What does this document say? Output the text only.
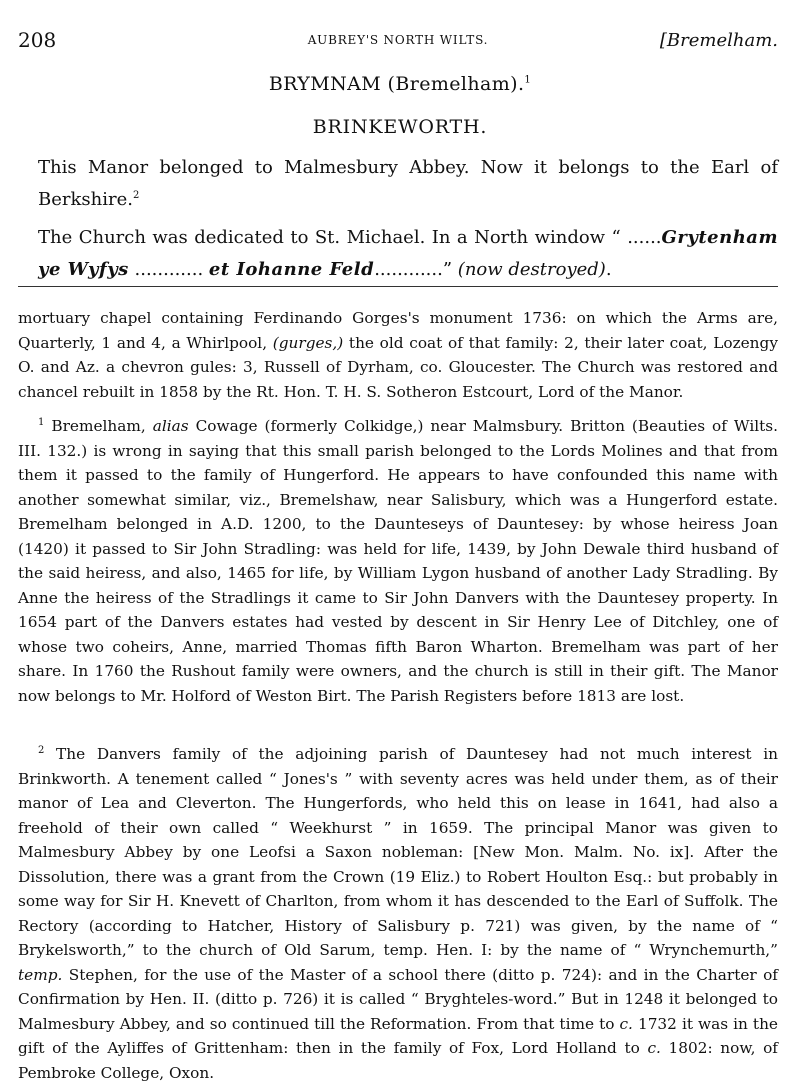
208	AUBREY'S NORTH WILTS.	[Bremelham.
BRYMNAM (Bremelham).$^1$
BRINKEWORTH.

This Manor belonged to Malmesbury Abbey. Now it belongs to the Earl of Berkshire.$^2$

The Church was dedicated to St. Michael. In a North window “ ......Grytenham ye Wyfys ............ et Iohanne Feld............” (now destroyed).

mortuary chapel containing Ferdinando Gorges's monument 1736: on which the Arms are, Quarterly, 1 and 4, a Whirlpool, (gurges,) the old coat of that family: 2, their later coat, Lozengy O. and Az. a chevron gules: 3, Russell of Dyrham, co. Gloucester. The Church was restored and chancel rebuilt in 1858 by the Rt. Hon. T. H. S. Sotheron Estcourt, Lord of the Manor.

$^1$ Bremelham, alias Cowage (formerly Colkidge,) near Malmsbury. Britton (Beauties of Wilts. III. 132.) is wrong in saying that this small parish belonged to the Lords Molines and that from them it passed to the family of Hungerford. He appears to have confounded this name with another somewhat similar, viz., Bremelshaw, near Salisbury, which was a Hungerford estate. Bremelham belonged in A.D. 1200, to the Daunteseys of Dauntesey: by whose heiress Joan (1420) it passed to Sir John Stradling: was held for life, 1439, by John Dewale third husband of the said heiress, and also, 1465 for life, by William Lygon husband of another Lady Stradling. By Anne the heiress of the Stradlings it came to Sir John Danvers with the Dauntesey property. In 1654 part of the Danvers estates had vested by descent in Sir Henry Lee of Ditchley, one of whose two coheirs, Anne, married Thomas fifth Baron Wharton. Bremelham was part of her share. In 1760 the Rushout family were owners, and the church is still in their gift. The Manor now belongs to Mr. Holford of Weston Birt. The Parish Registers before 1813 are lost.

$^2$ The Danvers family of the adjoining parish of Dauntesey had not much interest in Brinkworth. A tenement called “ Jones's ” with seventy acres was held under them, as of their manor of Lea and Cleverton. The Hungerfords, who held this on lease in 1641, had also a freehold of their own called “ Weekhurst ” in 1659. The principal Manor was given to Malmesbury Abbey by one Leofsi a Saxon nobleman: [New Mon. Malm. No. ix]. After the Dissolution, there was a grant from the Crown (19 Eliz.) to Robert Houlton Esq.: but probably in some way for Sir H. Knevett of Charlton, from whom it has descended to the Earl of Suffolk. The Rectory (according to Hatcher, History of Salisbury p. 721) was given, by the name of “ Brykelsworth,” to the church of Old Sarum, temp. Hen. I: by the name of “ Wrynchemurth,” temp. Stephen, for the use of the Master of a school there (ditto p. 724): and in the Charter of Confirmation by Hen. II. (ditto p. 726) it is called “ Bryghteles-word.” But in 1248 it belonged to Malmesbury Abbey, and so continued till the Reformation. From that time to c. 1732 it was in the gift of the Ayliffes of Grittenham: then in the family of Fox, Lord Holland to c. 1802: now, of Pembroke College, Oxon.
